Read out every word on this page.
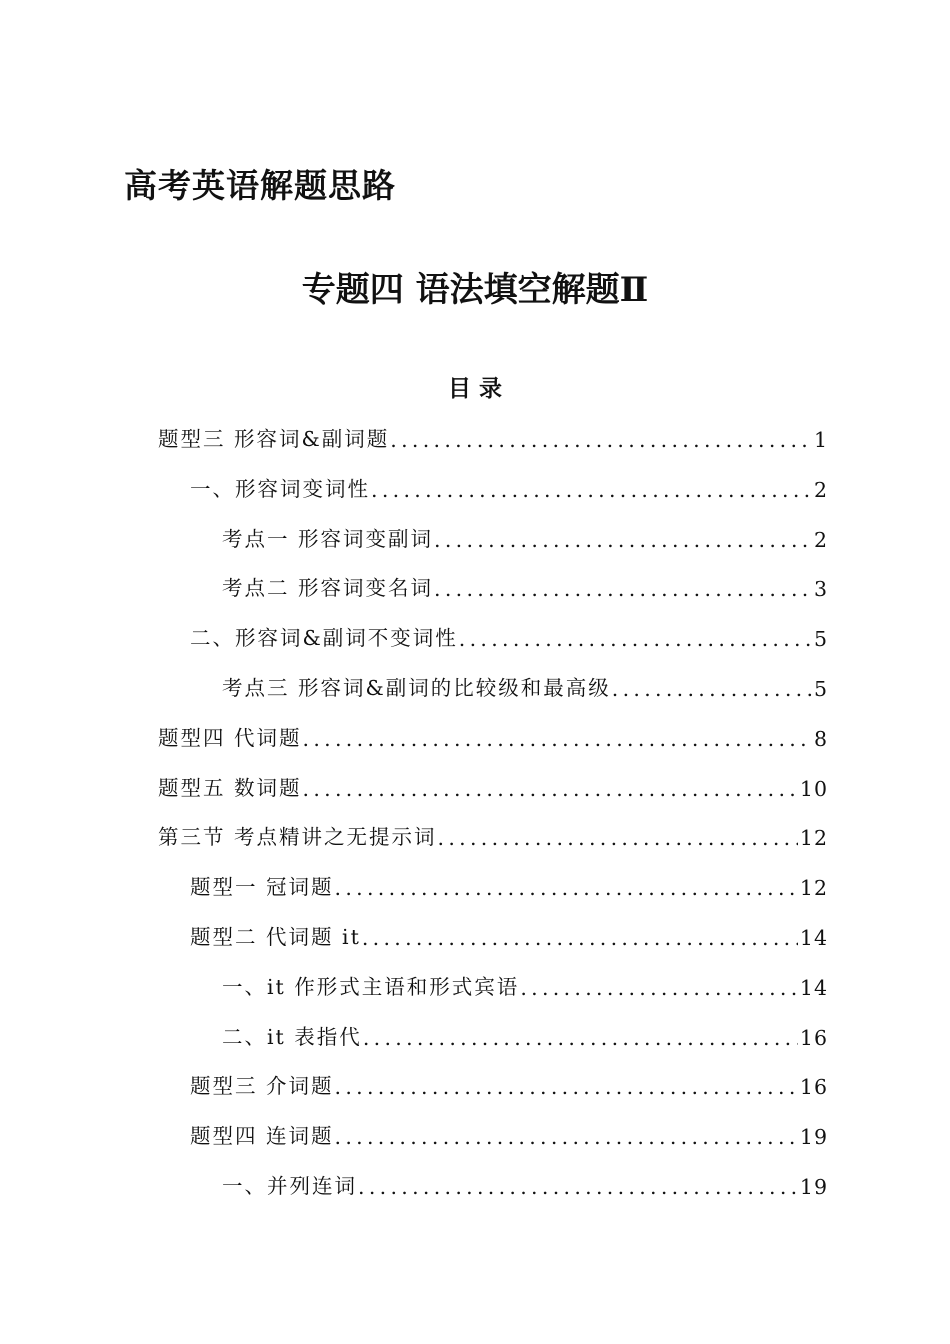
高考英语解题思路
专题四 语法填空解题Ⅱ
目 录
题型三 形容词&副词题 .....	1
一、形容词变词性 .....	2
考点一 形容词变副词 .....	2
考点二 形容词变名词 .....	3
二、形容词&副词不变词性 .....	5
考点三 形容词&副词的比较级和最高级 .....	5
题型四 代词题 .....	8
题型五 数词题 .....	10
第三节 考点精讲之无提示词 .....	12
题型一 冠词题 .....	12
题型二 代词题 it .....	14
一、it 作形式主语和形式宾语 .....	14
二、it 表指代 .....	16
题型三 介词题 .....	16
题型四 连词题 .....	19
一、并列连词 .....	19
